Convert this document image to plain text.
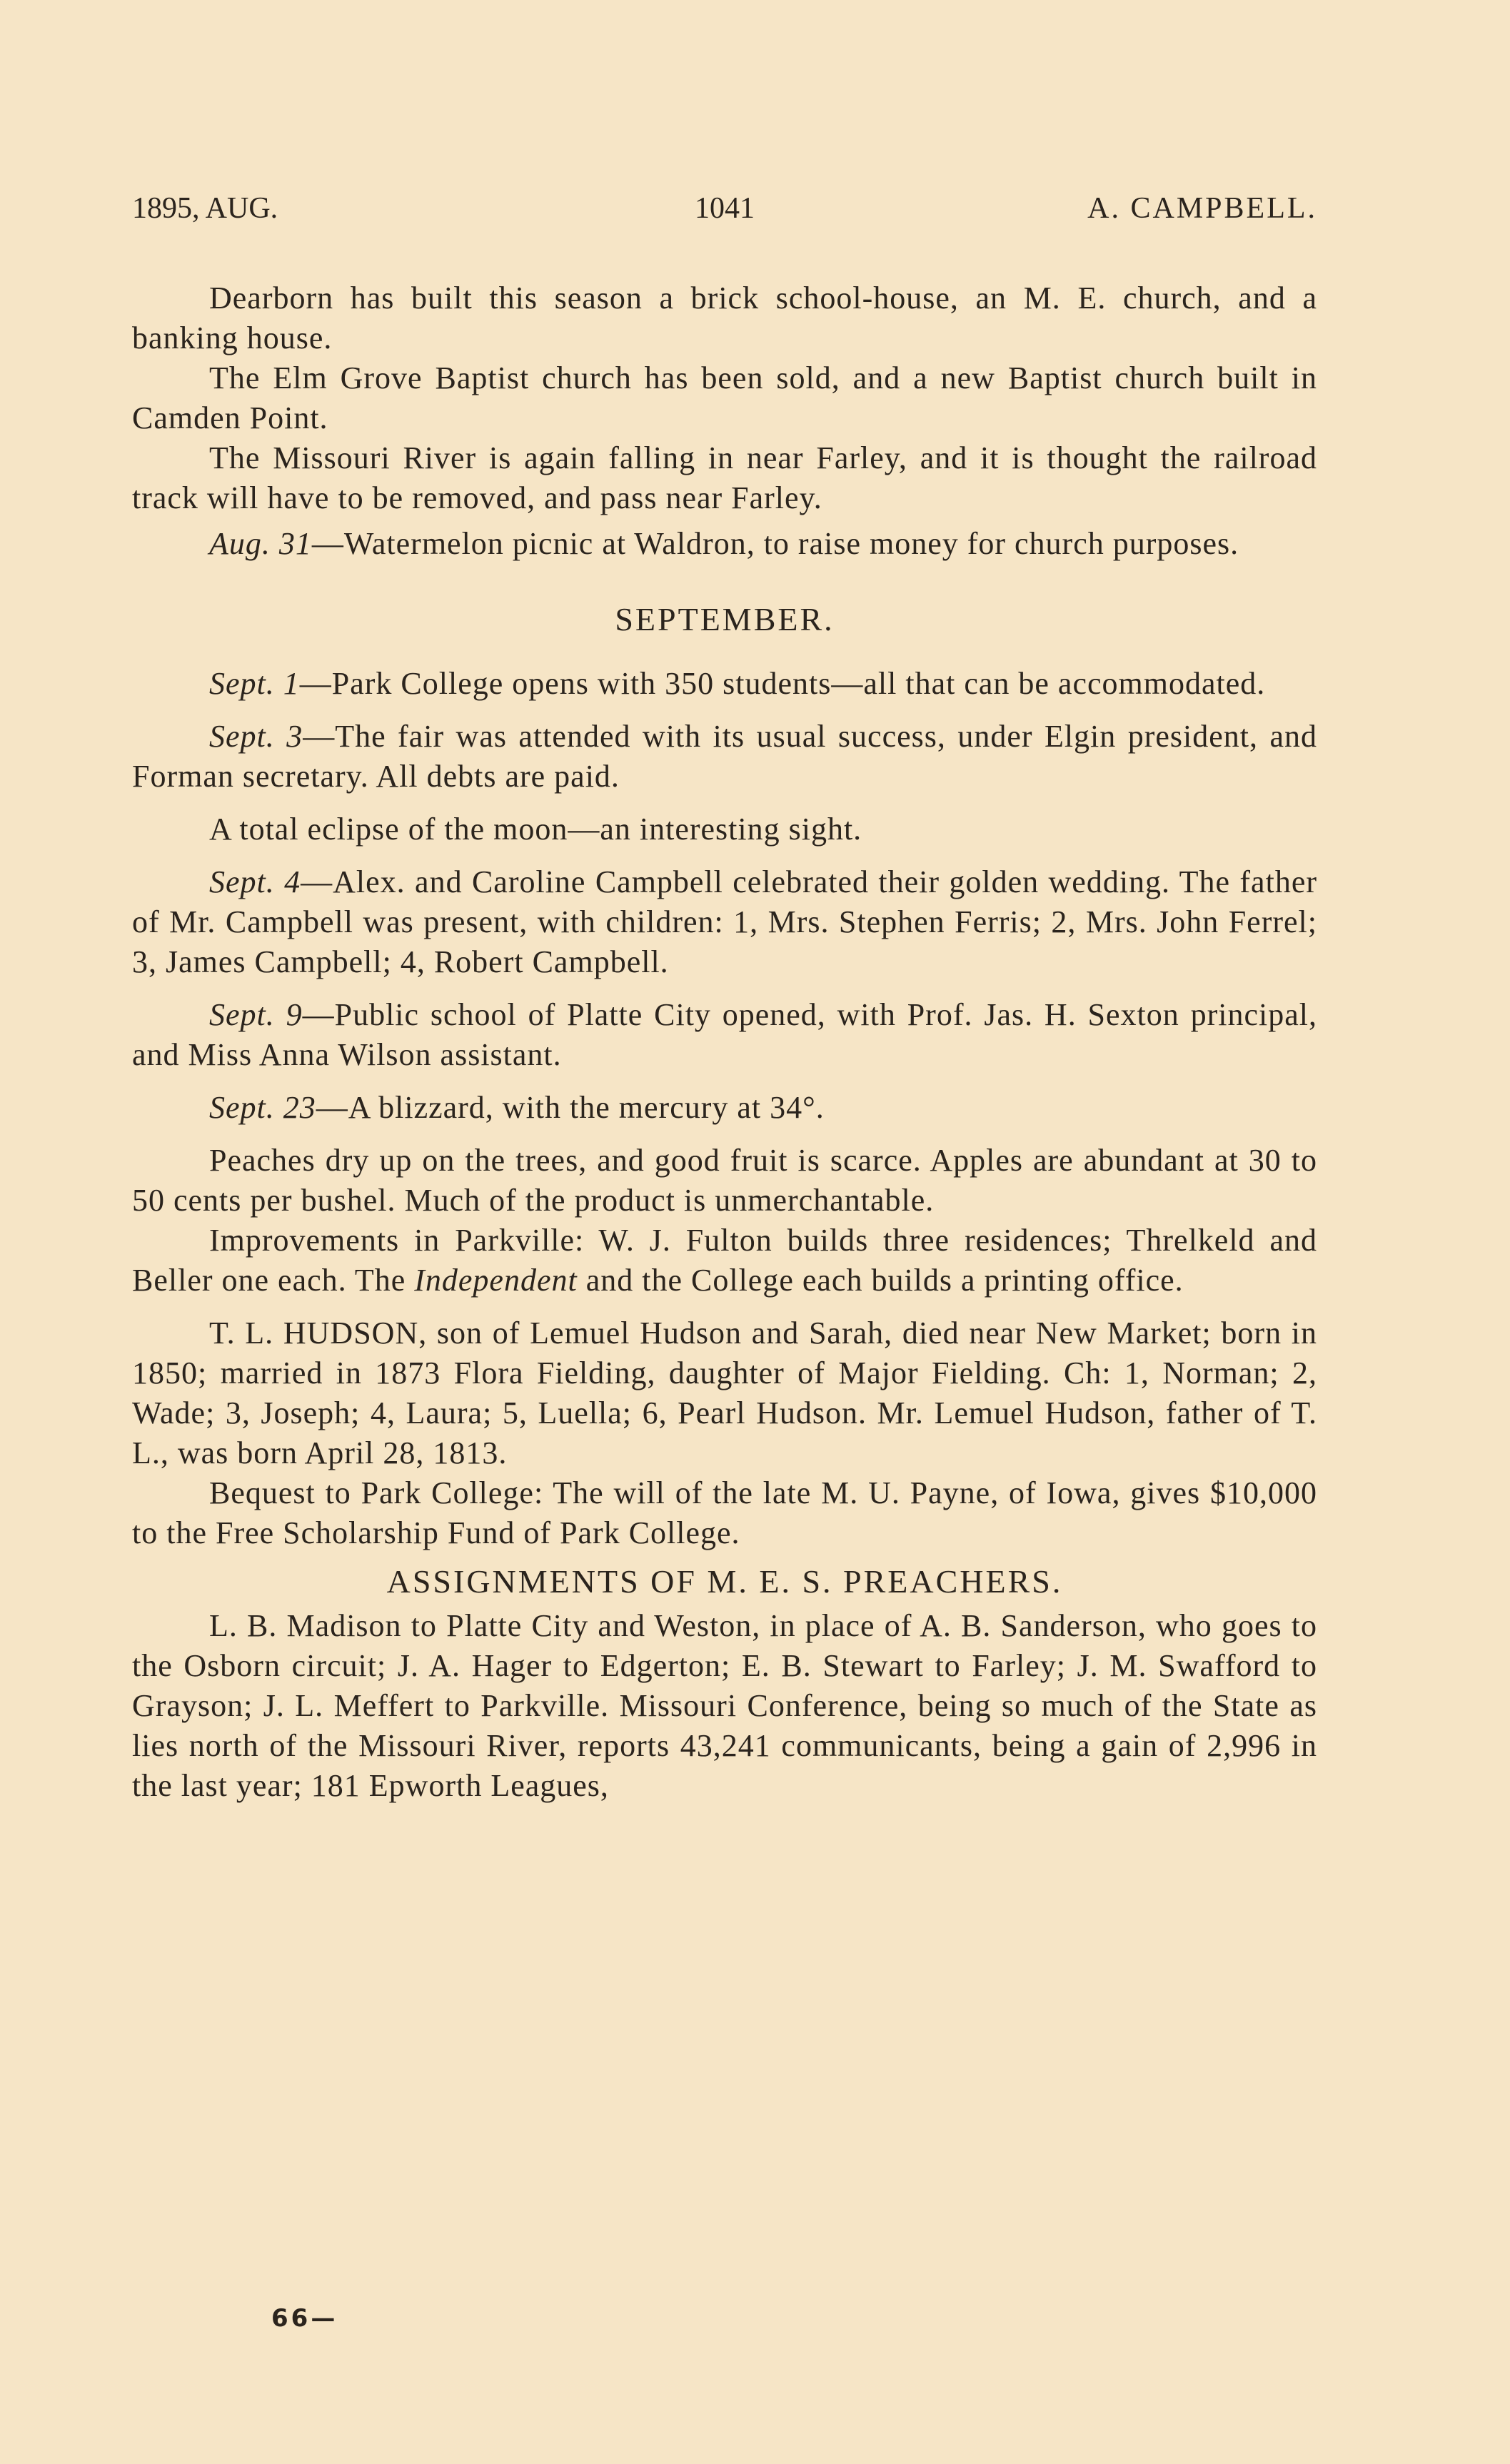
1895, AUG.	1041	A. CAMPBELL.

Dearborn has built this season a brick school-house, an M. E. church, and a banking house.

The Elm Grove Baptist church has been sold, and a new Baptist church built in Camden Point.

The Missouri River is again falling in near Farley, and it is thought the railroad track will have to be removed, and pass near Farley.

Aug. 31—Watermelon picnic at Waldron, to raise money for church purposes.

SEPTEMBER.

Sept. 1—Park College opens with 350 students—all that can be accommodated.

Sept. 3—The fair was attended with its usual success, under Elgin president, and Forman secretary. All debts are paid.

A total eclipse of the moon—an interesting sight.

Sept. 4—Alex. and Caroline Campbell celebrated their golden wedding. The father of Mr. Campbell was present, with children: 1, Mrs. Stephen Ferris; 2, Mrs. John Ferrel; 3, James Campbell; 4, Robert Campbell.

Sept. 9—Public school of Platte City opened, with Prof. Jas. H. Sexton principal, and Miss Anna Wilson assistant.

Sept. 23—A blizzard, with the mercury at 34°.

Peaches dry up on the trees, and good fruit is scarce. Apples are abundant at 30 to 50 cents per bushel. Much of the product is unmerchantable.

Improvements in Parkville: W. J. Fulton builds three residences; Threlkeld and Beller one each. The Independent and the College each builds a printing office.

T. L. HUDSON, son of Lemuel Hudson and Sarah, died near New Market; born in 1850; married in 1873 Flora Fielding, daughter of Major Fielding. Ch: 1, Norman; 2, Wade; 3, Joseph; 4, Laura; 5, Luella; 6, Pearl Hudson. Mr. Lemuel Hudson, father of T. L., was born April 28, 1813.

Bequest to Park College: The will of the late M. U. Payne, of Iowa, gives $10,000 to the Free Scholarship Fund of Park College.

ASSIGNMENTS OF M. E. S. PREACHERS.

L. B. Madison to Platte City and Weston, in place of A. B. Sanderson, who goes to the Osborn circuit; J. A. Hager to Edgerton; E. B. Stewart to Farley; J. M. Swafford to Grayson; J. L. Meffert to Parkville. Missouri Conference, being so much of the State as lies north of the Missouri River, reports 43,241 communicants, being a gain of 2,996 in the last year; 181 Epworth Leagues,

66—
